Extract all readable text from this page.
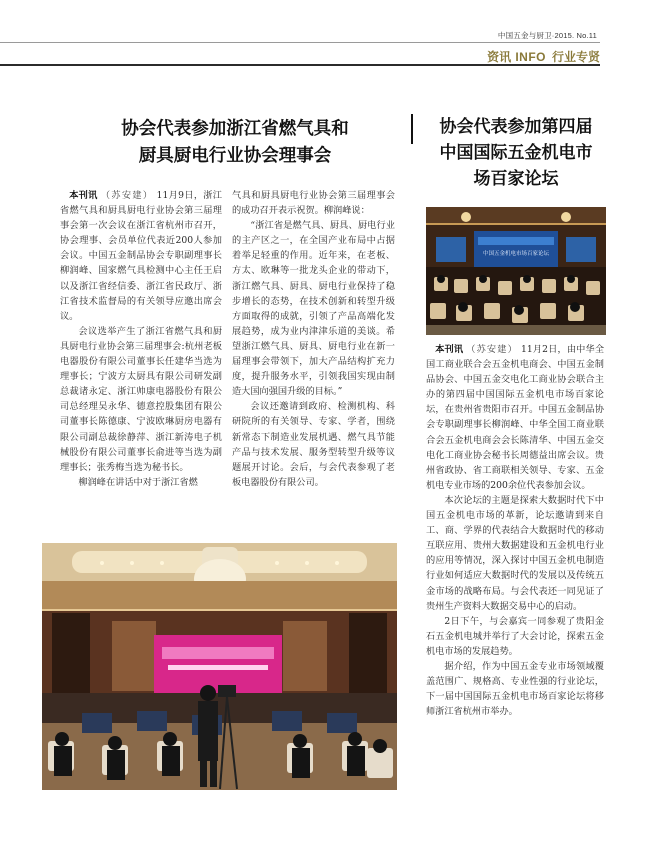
中国五金与厨卫·2015. No.11
资讯 INFO 行业专贤
协会代表参加浙江省燃气具和
厨具厨电行业协会理事会
协会代表参加第四届
中国国际五金机电市
场百家论坛

本刊讯 （苏安建） 11月9日，浙江省燃气具和厨具厨电行业协会第三届理事会第一次会议在浙江省杭州市召开，协会理事、会员单位代表近200人参加会议。中国五金制品协会专职副理事长柳润峰、国家燃气具检测中心主任王启以及浙江省经信委、浙江省民政厅、浙江省技术监督局的有关领导应邀出席会议。

会议选举产生了浙江省燃气具和厨具厨电行业协会第三届理事会:杭州老板电器股份有限公司董事长任建华当选为理事长；宁波方太厨具有限公司研发副总裁诸永定、浙江帅康电器股份有限公司总经理吴永华、德意控股集团有限公司董事长陈德康、宁波欧琳厨房电器有限公司副总裁徐静萍、浙江新涛电子机械股份有限公司董事长俞进等当选为副理事长；张秀梅当选为秘书长。

柳润峰在讲话中对于浙江省燃

气具和厨具厨电行业协会第三届理事会的成功召开表示祝贺。柳润峰说：

“浙江省是燃气具、厨具、厨电行业的主产区之一，在全国产业布局中占据着举足轻重的作用。近年来，在老板、方太、欧琳等一批龙头企业的带动下，浙江燃气具、厨具、厨电行业保持了稳步增长的态势，在技术创新和转型升级方面取得的成就，引领了产品高端化发展趋势，成为业内津津乐道的美谈。希望浙江燃气具、厨具、厨电行业在新一届理事会带领下，加大产品结构扩充力度，提升服务水平，引领我国实现由制造大国向强国升级的目标。”

会议还邀请到政府、检测机构、科研院所的有关领导、专家、学者，围绕新常态下制造业发展机遇、燃气具节能产品与技术发展、服务型转型升级等议题展开讨论。会后，与会代表参观了老板电器股份有限公司。

中国五金机电市场百家论坛

本刊讯 （苏安建） 11月2日，由中华全国工商业联合会五金机电商会、中国五金制品协会、中国五金交电化工商业协会联合主办的第四届中国国际五金机电市场百家论坛，在贵州省贵阳市召开。中国五金制品协会专职副理事长柳润峰、中华全国工商业联合会五金机电商会会长陈清华、中国五金交电化工商业协会秘书长周德益出席会议。贵州省政协、省工商联相关领导、专家、五金机电专业市场的200余位代表参加会议。

本次论坛的主题是探索大数据时代下中国五金机电市场的革新，论坛邀请到来自工、商、学界的代表结合大数据时代的移动互联应用、贵州大数据建设和五金机电行业的应用等情况，深入探讨中国五金机电制造行业如何适应大数据时代的发展以及传统五金市场的战略布局。与会代表还一同见证了贵州生产资料大数据交易中心的启动。

2日下午，与会嘉宾一同参观了贵阳金石五金机电城并举行了大会讨论，探索五金机电市场的发展趋势。

据介绍，作为中国五金专业市场领域覆盖范围广、规格高、专业性强的行业论坛，下一届中国国际五金机电市场百家论坛将移师浙江省杭州市举办。
